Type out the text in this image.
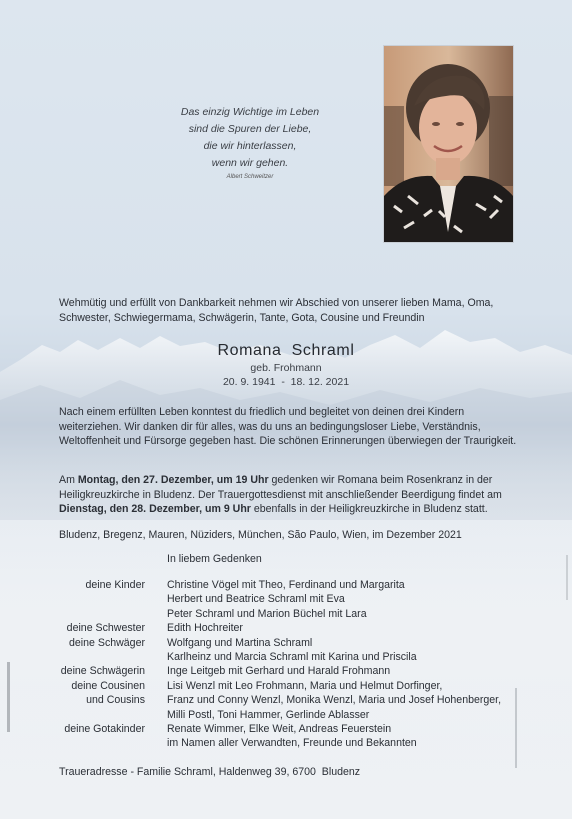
Das einzig Wichtige im Leben
sind die Spuren der Liebe,
die wir hinterlassen,
wenn wir gehen.
Albert Schweitzer

Wehmütig und erfüllt von Dankbarkeit nehmen wir Abschied von unserer lieben Mama, Oma, Schwester, Schwiegermama, Schwägerin, Tante, Gota, Cousine und Freundin

Romana  Schraml
geb. Frohmann
20. 9. 1941  -  18. 12. 2021

Nach einem erfüllten Leben konntest du friedlich und begleitet von deinen drei Kindern weiterziehen. Wir danken dir für alles, was du uns an bedingungsloser Liebe, Verständnis, Weltoffenheit und Fürsorge gegeben hast. Die schönen Erinnerungen überwiegen der Traurigkeit.

Am Montag, den 27. Dezember, um 19 Uhr gedenken wir Romana beim Rosenkranz in der Heiligkreuzkirche in Bludenz. Der Trauergottesdienst mit anschließender Beerdigung findet am Dienstag, den 28. Dezember, um 9 Uhr ebenfalls in der Heiligkreuzkirche in Bludenz statt.

Bludenz, Bregenz, Mauren, Nüziders, München, São Paulo, Wien, im Dezember 2021

In liebem Gedenken
deine Kinder Christine Vögel mit Theo, Ferdinand und Margarita
Herbert und Beatrice Schraml mit Eva
Peter Schraml und Marion Büchel mit Lara
deine Schwester Edith Hochreiter
deine Schwäger Wolfgang und Martina Schraml
Karlheinz und Marcia Schraml mit Karina und Priscila
deine Schwägerin Inge Leitgeb mit Gerhard und Harald Frohmann
deine Cousinen Lisi Wenzl mit Leo Frohmann, Maria und Helmut Dorfinger,
und Cousins Franz und Conny Wenzl, Monika Wenzl, Maria und Josef Hohenberger,
Milli Postl, Toni Hammer, Gerlinde Ablasser
deine Gotakinder Renate Wimmer, Elke Weit, Andreas Feuerstein
im Namen aller Verwandten, Freunde und Bekannten
Traueradresse - Familie Schraml, Haldenweg 39, 6700  Bludenz
